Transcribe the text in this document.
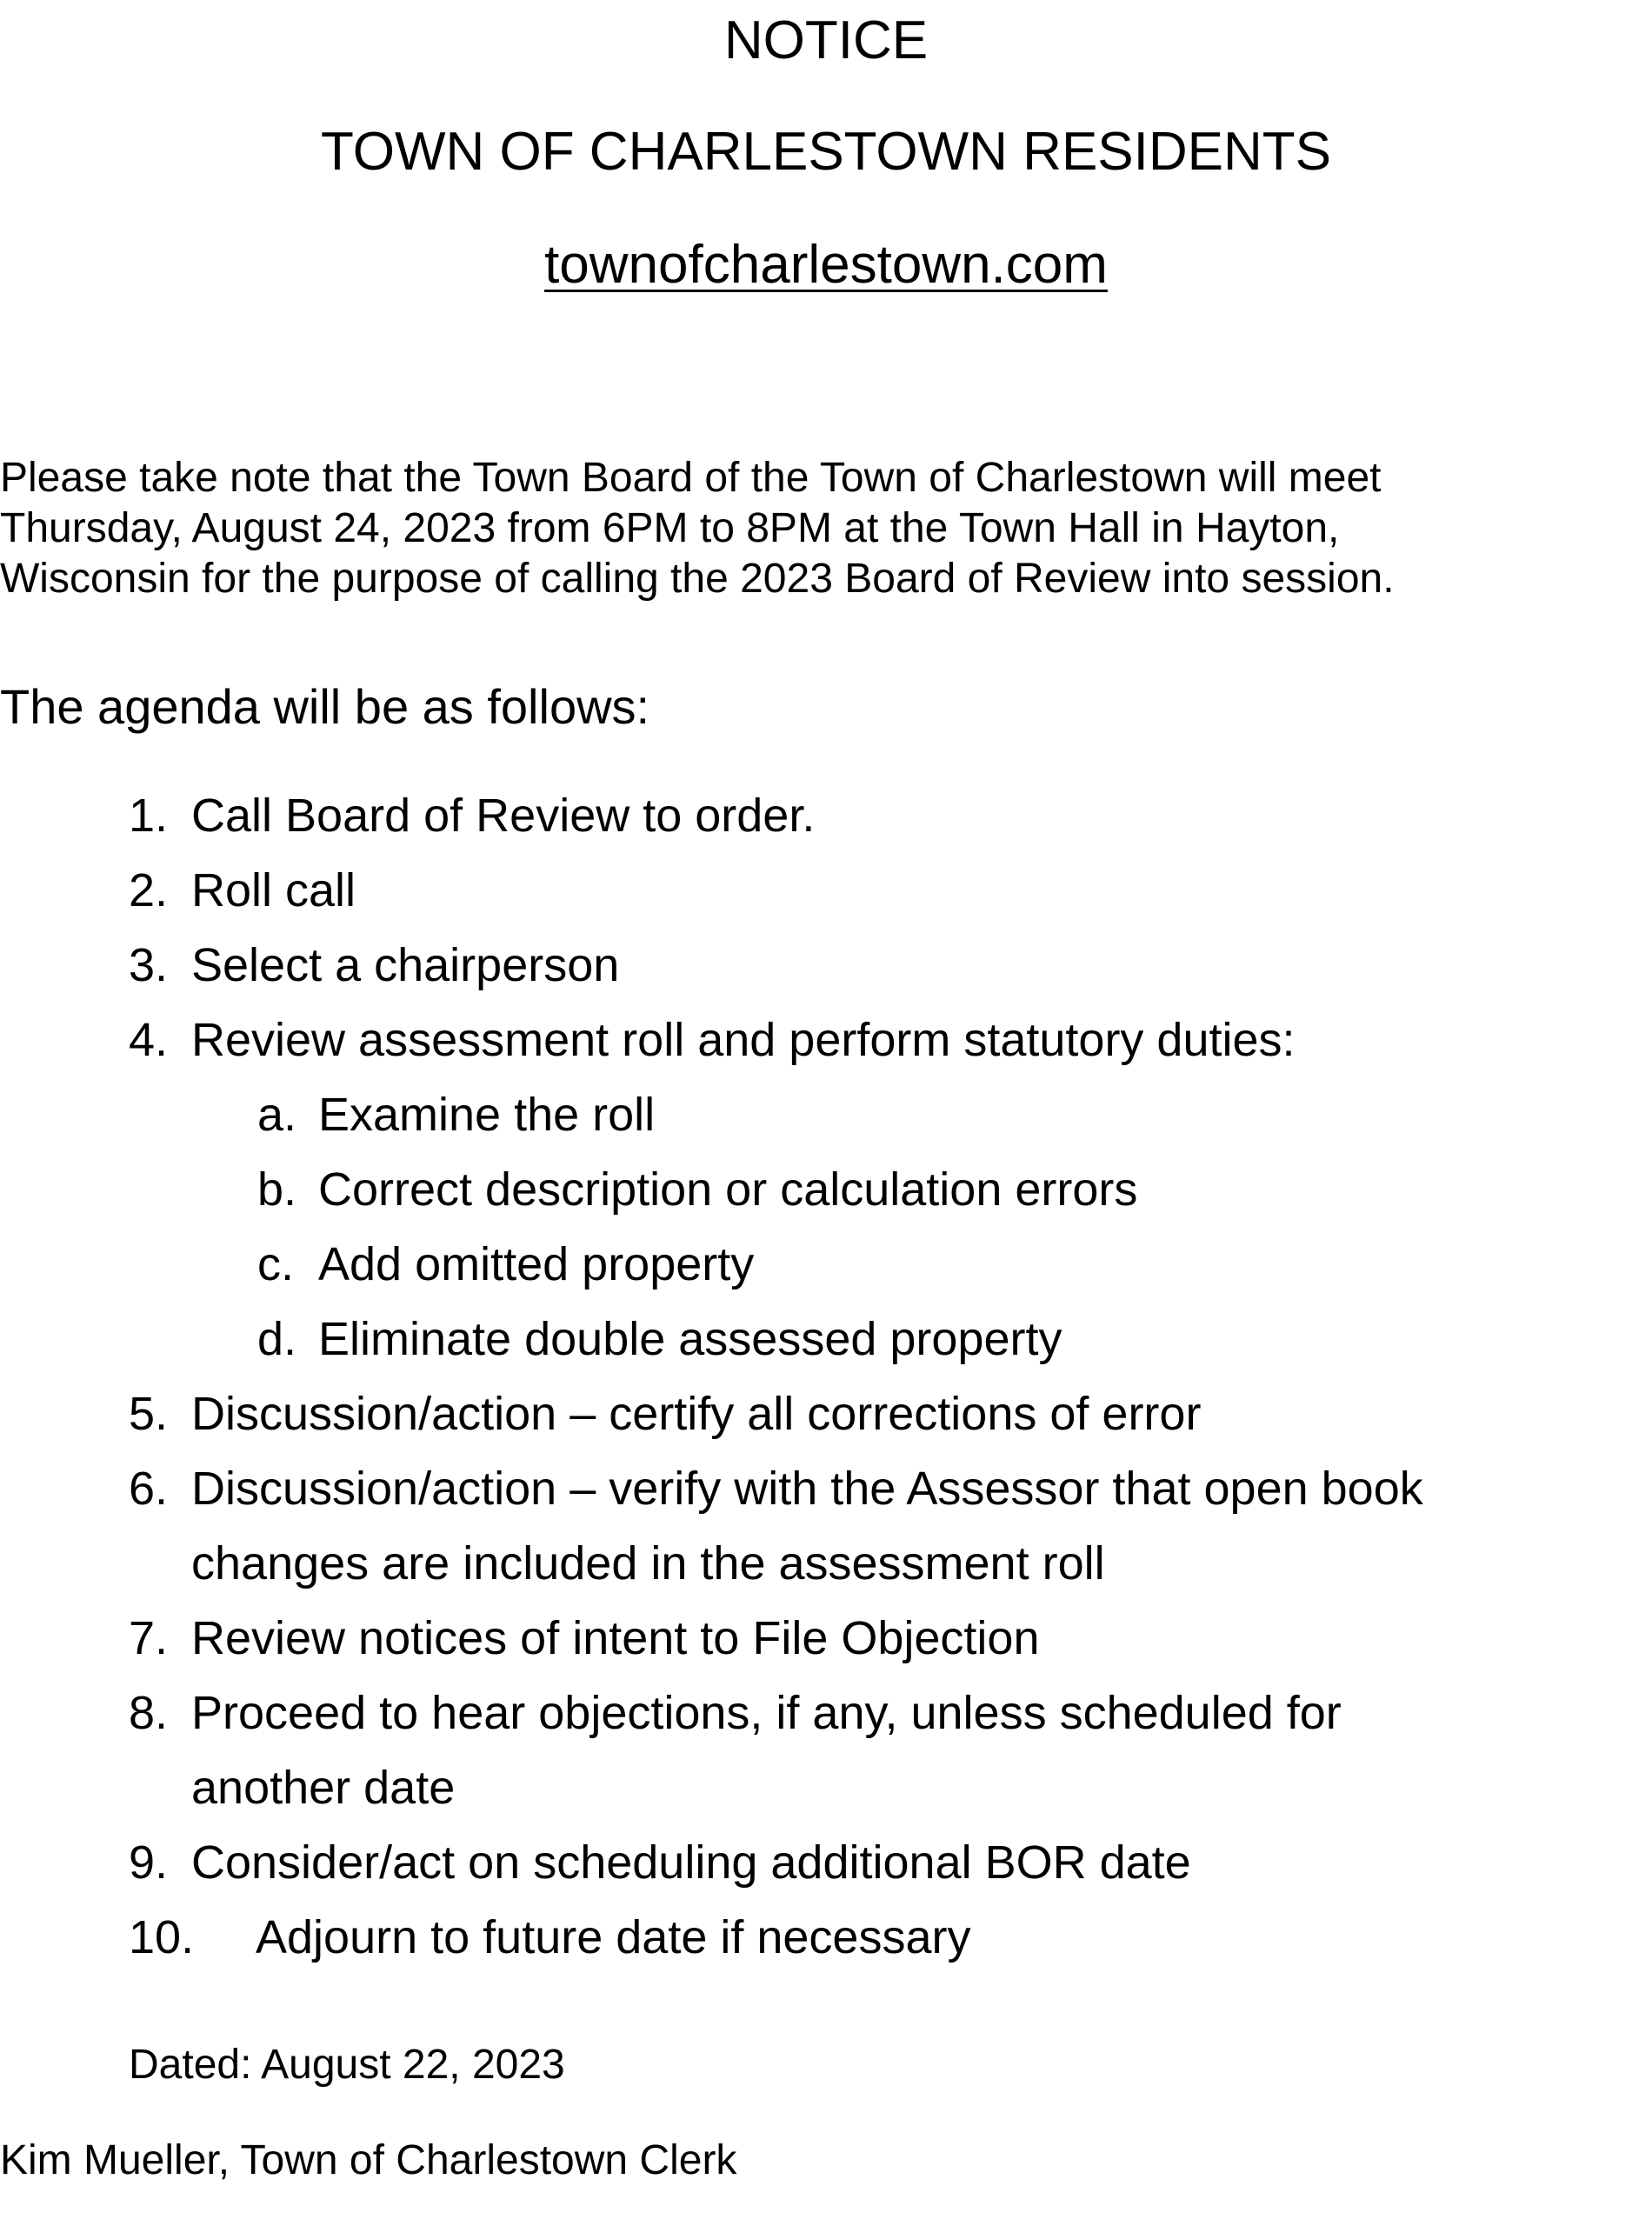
NOTICE
TOWN OF CHARLESTOWN RESIDENTS
townofcharlestown.com
Please take note that the Town Board of the Town of Charlestown will meet
Thursday, August 24, 2023 from 6PM to 8PM at the Town Hall in Hayton,
Wisconsin for the purpose of calling the 2023 Board of Review into session.
The agenda will be as follows:
1. Call Board of Review to order.
2. Roll call
3. Select a chairperson
4. Review assessment roll and perform statutory duties:
a. Examine the roll
b. Correct description or calculation errors
c. Add omitted property
d. Eliminate double assessed property
5. Discussion/action – certify all corrections of error
6. Discussion/action – verify with the Assessor that open book
changes are included in the assessment roll
7. Review notices of intent to File Objection
8. Proceed to hear objections, if any, unless scheduled for
another date
9. Consider/act on scheduling additional BOR date
10. Adjourn to future date if necessary
Dated: August 22, 2023
Kim Mueller, Town of Charlestown Clerk
